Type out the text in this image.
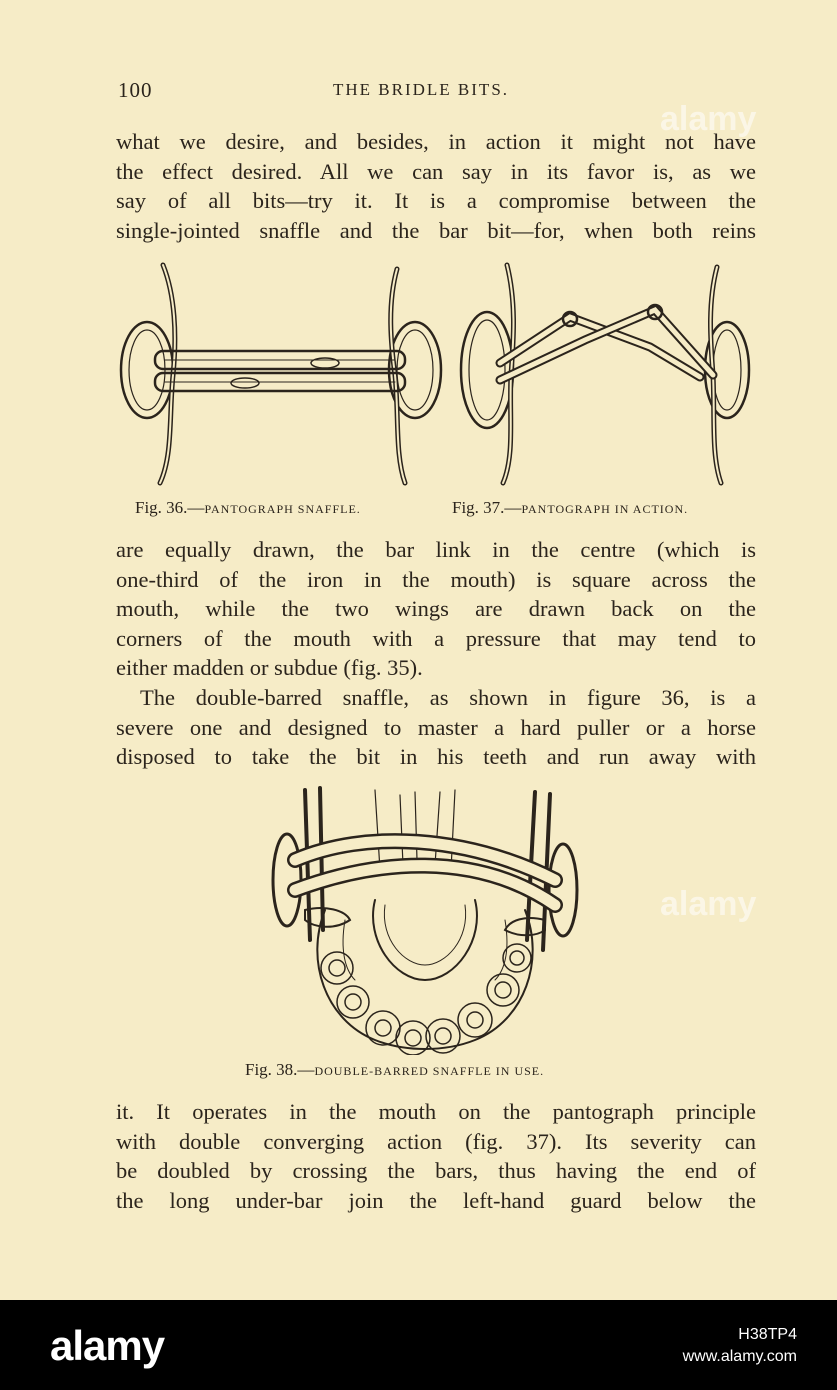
100	THE BRIDLE BITS.
what we desire, and besides, in action it might not have
the effect desired. All we can say in its favor is, as we
say of all bits—try it. It is a compromise between the
single-jointed snaffle and the bar bit—for, when both reins
Fig. 36.—PANTOGRAPH SNAFFLE.	Fig. 37.—PANTOGRAPH IN ACTION.
are equally drawn, the bar link in the centre (which is
one-third of the iron in the mouth) is square across the
mouth, while the two wings are drawn back on the
corners of the mouth with a pressure that may tend to
either madden or subdue (fig. 35).
The double-barred snaffle, as shown in figure 36, is a
severe one and designed to master a hard puller or a horse
disposed to take the bit in his teeth and run away with
Fig. 38.—DOUBLE-BARRED SNAFFLE IN USE.
it. It operates in the mouth on the pantograph principle
with double converging action (fig. 37). Its severity can
be doubled by crossing the bars, thus having the end of
the long under-bar join the left-hand guard below the
alamy
alamy
alamy	H38TP4
www.alamy.com
